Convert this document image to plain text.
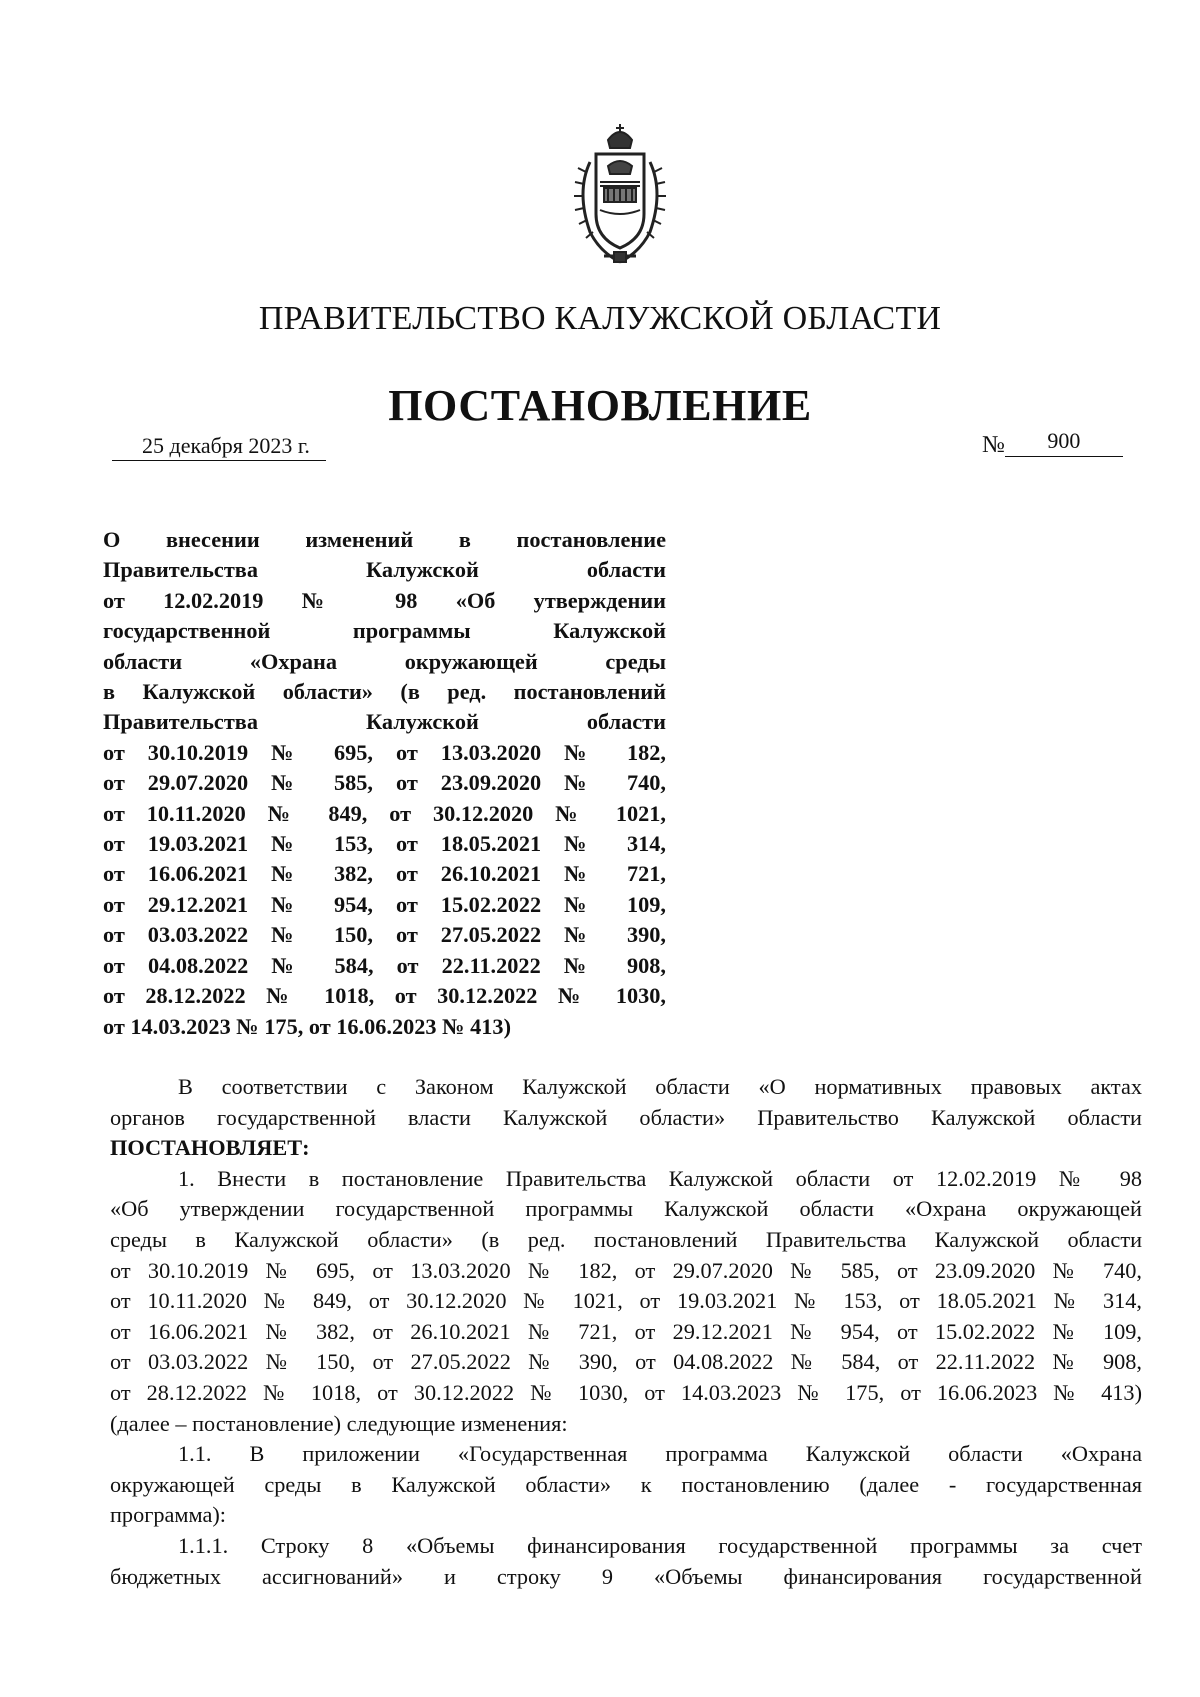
ПРАВИТЕЛЬСТВО КАЛУЖСКОЙ ОБЛАСТИ
ПОСТАНОВЛЕНИЕ
25 декабря 2023 г.	№ 900
О внесении изменений в постановление
Правительства Калужской области
от 12.02.2019 № 98 «Об утверждении
государственной программы Калужской
области «Охрана окружающей среды
в Калужской области» (в ред. постановлений
Правительства Калужской области
от 30.10.2019 № 695, от 13.03.2020 № 182,
от 29.07.2020 № 585, от 23.09.2020 № 740,
от 10.11.2020 № 849, от 30.12.2020 № 1021,
от 19.03.2021 № 153, от 18.05.2021 № 314,
от 16.06.2021 № 382, от 26.10.2021 № 721,
от 29.12.2021 № 954, от 15.02.2022 № 109,
от 03.03.2022 № 150, от 27.05.2022 № 390,
от 04.08.2022 № 584, от 22.11.2022 № 908,
от 28.12.2022 № 1018, от 30.12.2022 № 1030,
от 14.03.2023 № 175, от 16.06.2023 № 413)
В соответствии с Законом Калужской области «О нормативных правовых актах
органов государственной власти Калужской области» Правительство Калужской области
ПОСТАНОВЛЯЕТ:
1. Внести в постановление Правительства Калужской области от 12.02.2019 № 98
«Об утверждении государственной программы Калужской области «Охрана окружающей
среды в Калужской области» (в ред. постановлений Правительства Калужской области
от 30.10.2019 № 695, от 13.03.2020 № 182, от 29.07.2020 № 585, от 23.09.2020 № 740,
от 10.11.2020 № 849, от 30.12.2020 № 1021, от 19.03.2021 № 153, от 18.05.2021 № 314,
от 16.06.2021 № 382, от 26.10.2021 № 721, от 29.12.2021 № 954, от 15.02.2022 № 109,
от 03.03.2022 № 150, от 27.05.2022 № 390, от 04.08.2022 № 584, от 22.11.2022 № 908,
от 28.12.2022 № 1018, от 30.12.2022 № 1030, от 14.03.2023 № 175, от 16.06.2023 № 413)
(далее – постановление) следующие изменения:
1.1. В приложении «Государственная программа Калужской области «Охрана
окружающей среды в Калужской области» к постановлению (далее - государственная
программа):
1.1.1. Строку 8 «Объемы финансирования государственной программы за счет
бюджетных ассигнований» и строку 9 «Объемы финансирования государственной
